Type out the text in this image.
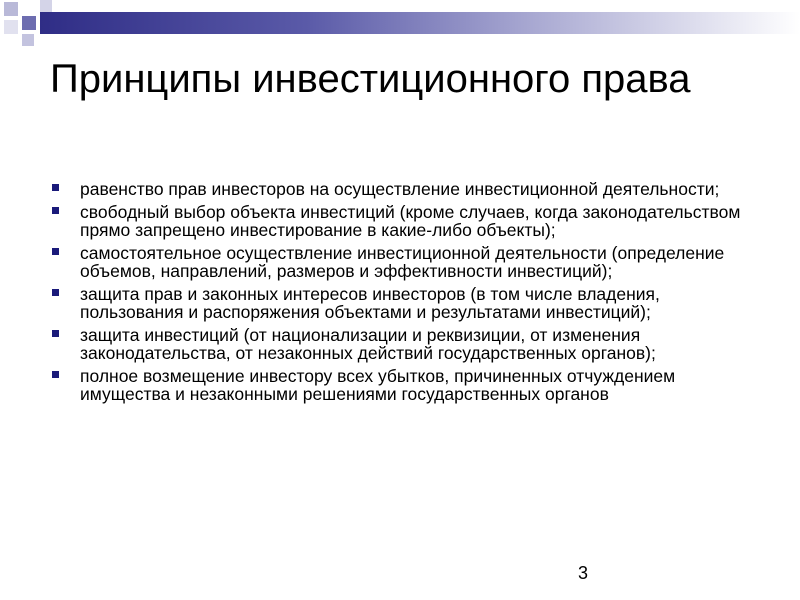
Принципы инвестиционного права
равенство прав инвесторов на осуществление инвестиционной деятельности;
свободный выбор объекта инвестиций (кроме случаев, когда законодательством прямо запрещено инвестирование в какие-либо объекты);
самостоятельное осуществление инвестиционной деятельности (определение объемов, направлений, размеров и эффективности инвестиций);
защита прав и законных интересов инвесторов (в том числе владения, пользования и распоряжения объектами и результатами инвестиций);
защита инвестиций (от национализации и реквизиции, от изменения законодательства, от незаконных действий государственных органов);
полное возмещение инвестору всех убытков, причиненных отчуждением имущества и незаконными решениями государственных органов
3
